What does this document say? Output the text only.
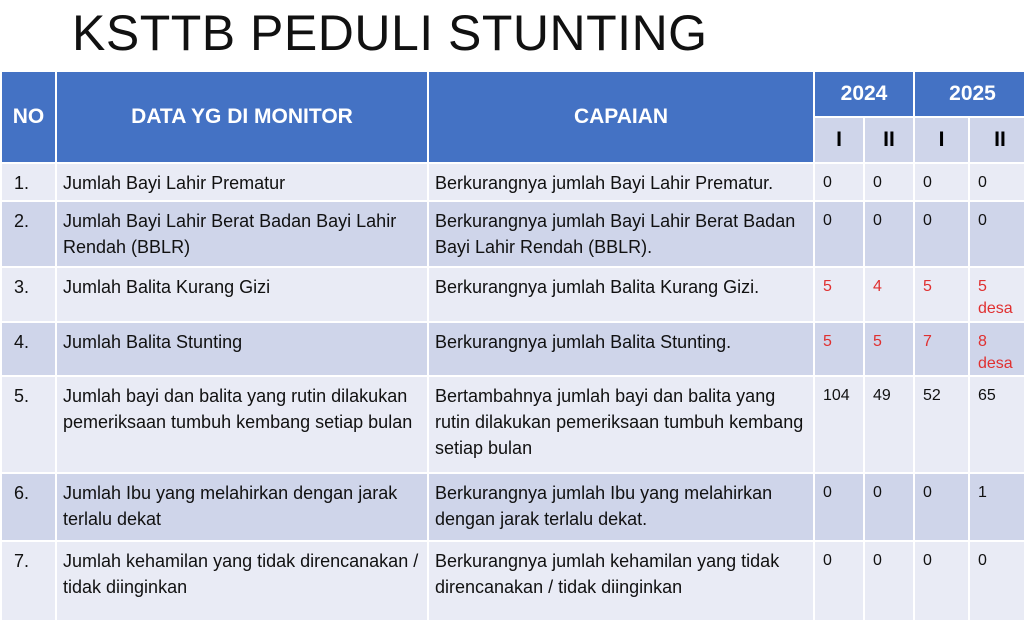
KSTTB PEDULI STUNTING
NO	DATA YG DI MONITOR	CAPAIAN	2024		2025	
			I	II	I	II
1.	Jumlah Bayi Lahir Prematur	Berkurangnya jumlah Bayi Lahir Prematur.	0	0	0	0
2.	Jumlah Bayi Lahir Berat Badan Bayi Lahir Rendah (BBLR)	Berkurangnya jumlah Bayi Lahir Berat Badan Bayi Lahir Rendah (BBLR).	0	0	0	0
3.	Jumlah Balita Kurang Gizi	Berkurangnya jumlah Balita Kurang Gizi.	5	4	5	5 desa
4.	Jumlah Balita Stunting	Berkurangnya jumlah Balita Stunting.	5	5	7	8 desa
5.	Jumlah bayi dan balita yang rutin dilakukan pemeriksaan tumbuh kembang setiap bulan	Bertambahnya jumlah bayi dan balita yang rutin dilakukan pemeriksaan tumbuh kembang setiap bulan	104	49	52	65
6.	Jumlah Ibu yang melahirkan dengan jarak terlalu dekat	Berkurangnya jumlah Ibu yang melahirkan dengan jarak terlalu dekat.	0	0	0	1
7.	Jumlah kehamilan yang tidak direncanakan / tidak diinginkan	Berkurangnya jumlah kehamilan yang tidak direncanakan / tidak diinginkan	0	0	0	0
